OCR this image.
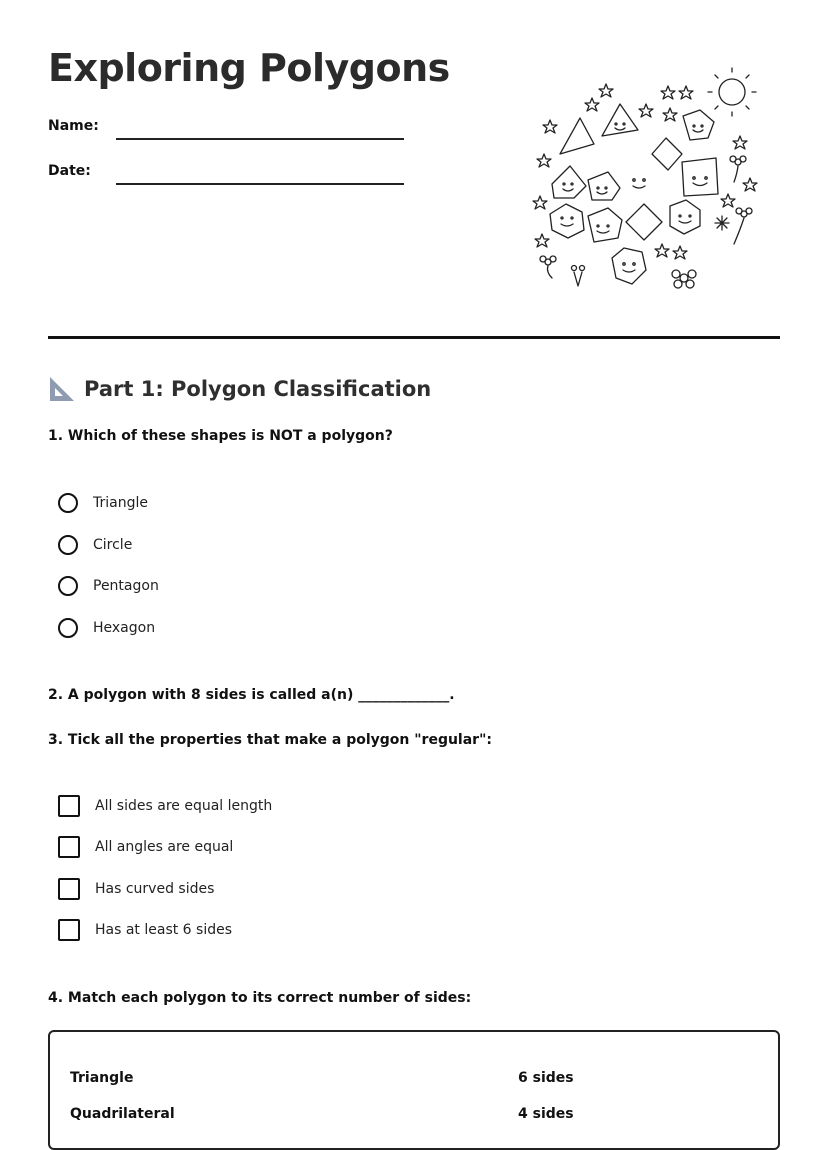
Exploring Polygons
Name:
Date:
Part 1: Polygon Classification
1. Which of these shapes is NOT a polygon?
Triangle
Circle
Pentagon
Hexagon
2. A polygon with 8 sides is called a(n) _____________.
3. Tick all the properties that make a polygon "regular":
All sides are equal length
All angles are equal
Has curved sides
Has at least 6 sides
4. Match each polygon to its correct number of sides:
Triangle	6 sides
Quadrilateral	4 sides
